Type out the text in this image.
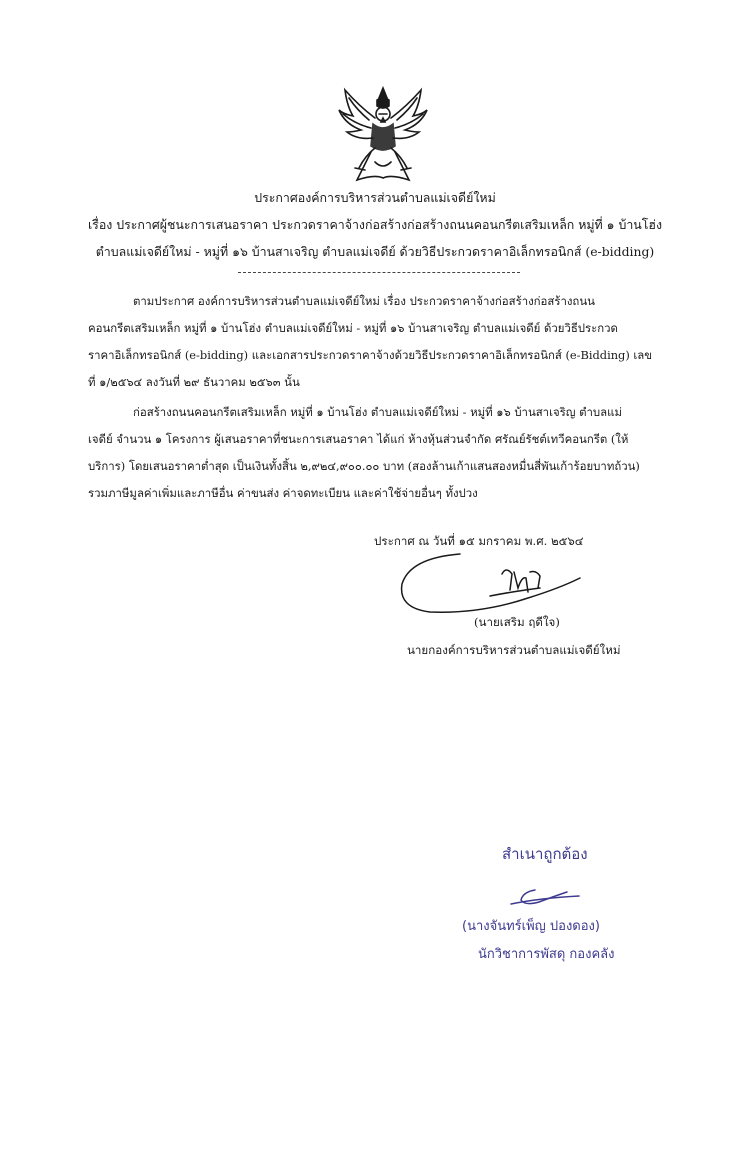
ประกาศองค์การบริหารส่วนตำบลแม่เจดีย์ใหม่
เรื่อง ประกาศผู้ชนะการเสนอราคา ประกวดราคาจ้างก่อสร้างก่อสร้างถนนคอนกรีตเสริมเหล็ก หมู่ที่ ๑ บ้านโฮ่ง
ตำบลแม่เจดีย์ใหม่ - หมู่ที่ ๑๖ บ้านสาเจริญ ตำบลแม่เจดีย์ ด้วยวิธีประกวดราคาอิเล็กทรอนิกส์ (e-bidding)
ตามประกาศ องค์การบริหารส่วนตำบลแม่เจดีย์ใหม่ เรื่อง ประกวดราคาจ้างก่อสร้างก่อสร้างถนน
คอนกรีตเสริมเหล็ก หมู่ที่ ๑ บ้านโฮ่ง ตำบลแม่เจดีย์ใหม่ - หมู่ที่ ๑๖ บ้านสาเจริญ ตำบลแม่เจดีย์ ด้วยวิธีประกวด
ราคาอิเล็กทรอนิกส์ (e-bidding) และเอกสารประกวดราคาจ้างด้วยวิธีประกวดราคาอิเล็กทรอนิกส์ (e-Bidding) เลข
ที่ ๑/๒๕๖๔ ลงวันที่ ๒๙ ธันวาคม ๒๕๖๓ นั้น
ก่อสร้างถนนคอนกรีตเสริมเหล็ก หมู่ที่ ๑ บ้านโฮ่ง ตำบลแม่เจดีย์ใหม่ - หมู่ที่ ๑๖ บ้านสาเจริญ ตำบลแม่
เจดีย์ จำนวน ๑ โครงการ ผู้เสนอราคาที่ชนะการเสนอราคา ได้แก่ ห้างหุ้นส่วนจำกัด ศรัณย์รัชต์เทวีคอนกรีต (ให้
บริการ) โดยเสนอราคาต่ำสุด เป็นเงินทั้งสิ้น ๒,๙๒๔,๙๐๐.๐๐ บาท (สองล้านเก้าแสนสองหมื่นสี่พันเก้าร้อยบาทถ้วน)
รวมภาษีมูลค่าเพิ่มและภาษีอื่น ค่าขนส่ง ค่าจดทะเบียน และค่าใช้จ่ายอื่นๆ ทั้งปวง
ประกาศ ณ วันที่ ๑๕ มกราคม พ.ศ. ๒๕๖๔
(นายเสริม ฤดีใจ)
นายกองค์การบริหารส่วนตำบลแม่เจดีย์ใหม่
สำเนาถูกต้อง
(นางจันทร์เพ็ญ ปองดอง)
นักวิชาการพัสดุ กองคลัง
